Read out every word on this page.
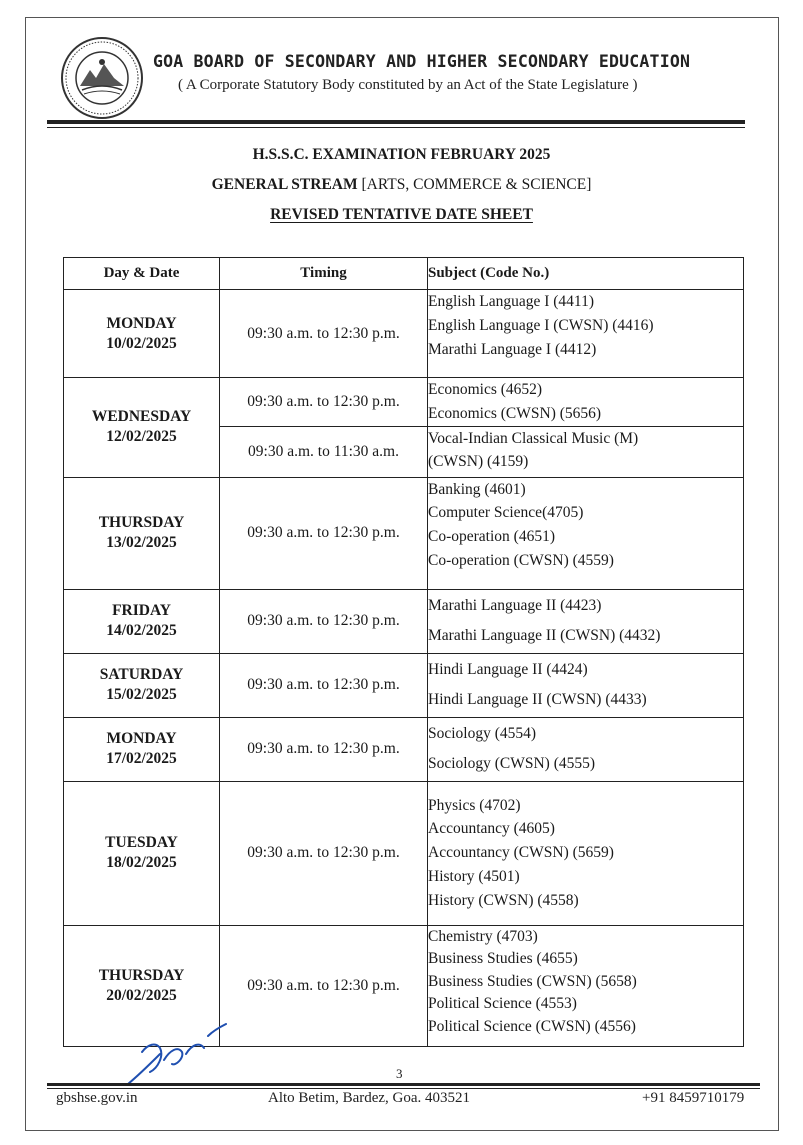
GOA BOARD OF SECONDARY AND HIGHER SECONDARY EDUCATION
( A Corporate Statutory Body constituted by an Act of the State Legislature )
H.S.S.C. EXAMINATION FEBRUARY 2025
GENERAL STREAM [ARTS, COMMERCE & SCIENCE]
REVISED TENTATIVE DATE SHEET
Day & Date	Timing	Subject (Code No.)
MONDAY
10/02/2025	09:30 a.m. to 12:30 p.m.	English Language I (4411)
English Language I (CWSN) (4416)
Marathi Language I (4412)

WEDNESDAY
12/02/2025	09:30 a.m. to 12:30 p.m.	Economics (4652)
Economics (CWSN) (5656)

	09:30 a.m. to 11:30 a.m.	Vocal-Indian Classical Music (M)
(CWSN) (4159)

THURSDAY
13/02/2025	09:30 a.m. to 12:30 p.m.	Banking (4601)
Computer Science(4705)
Co-operation (4651)
Co-operation (CWSN) (4559)

FRIDAY
14/02/2025	09:30 a.m. to 12:30 p.m.	Marathi Language II (4423)
Marathi Language II (CWSN) (4432)

SATURDAY
15/02/2025	09:30 a.m. to 12:30 p.m.	Hindi Language II (4424)
Hindi Language II (CWSN) (4433)

MONDAY
17/02/2025	09:30 a.m. to 12:30 p.m.	Sociology (4554)
Sociology (CWSN) (4555)

TUESDAY
18/02/2025	09:30 a.m. to 12:30 p.m.	Physics (4702)
Accountancy (4605)
Accountancy (CWSN) (5659)
History (4501)
History (CWSN) (4558)

THURSDAY
20/02/2025	09:30 a.m. to 12:30 p.m.	Chemistry (4703)
Business Studies (4655)
Business Studies (CWSN) (5658)
Political Science (4553)
Political Science (CWSN) (4556)
3
gbshse.gov.in	Alto Betim, Bardez, Goa. 403521	+91 8459710179
